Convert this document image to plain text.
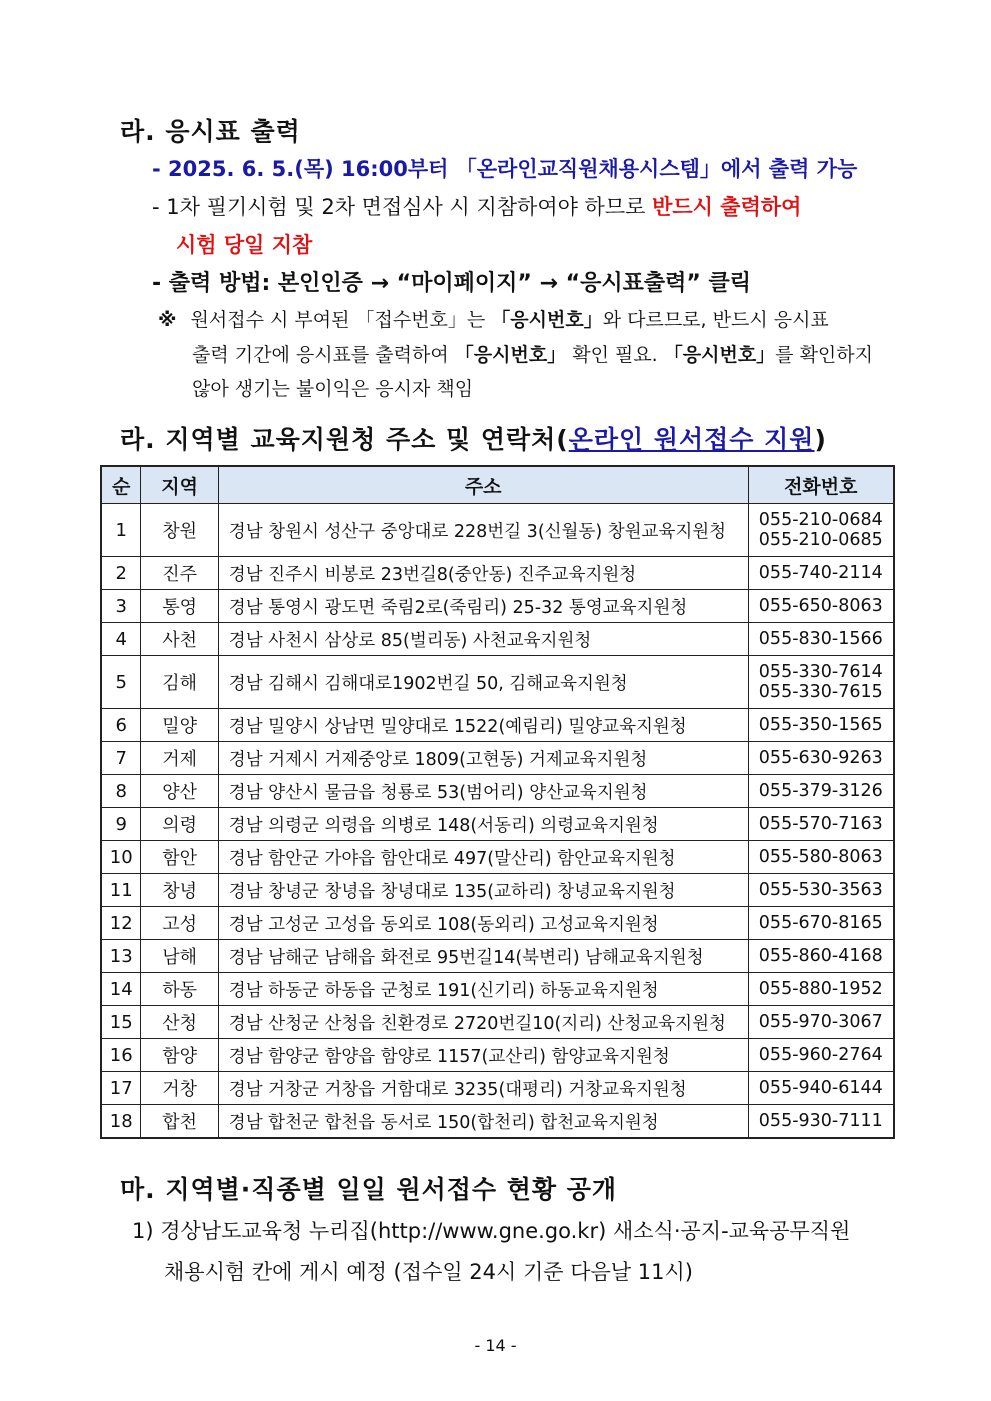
라. 응시표 출력
- 2025. 6. 5.(목) 16:00부터 「온라인교직원채용시스템」에서 출력 가능
- 1차 필기시험 및 2차 면접심사 시 지참하여야 하므로 반드시 출력하여
시험 당일 지참
- 출력 방법: 본인인증 → “마이페이지” → “응시표출력” 클릭
※ 원서접수 시 부여된 「접수번호」는 「응시번호」와 다르므로, 반드시 응시표
출력 기간에 응시표를 출력하여 「응시번호」 확인 필요. 「응시번호」를 확인하지
않아 생기는 불이익은 응시자 책임
라. 지역별 교육지원청 주소 및 연락처(온라인 원서접수 지원)
순	지역	주소	전화번호
1	창원	경남 창원시 성산구 중앙대로 228번길 3(신월동) 창원교육지원청	055-210-0684
055-210-0685
2	진주	경남 진주시 비봉로 23번길8(중안동) 진주교육지원청	055-740-2114
3	통영	경남 통영시 광도면 죽림2로(죽림리) 25-32 통영교육지원청	055-650-8063
4	사천	경남 사천시 삼상로 85(벌리동) 사천교육지원청	055-830-1566
5	김해	경남 김해시 김해대로1902번길 50, 김해교육지원청	055-330-7614
055-330-7615
6	밀양	경남 밀양시 상남면 밀양대로 1522(예림리) 밀양교육지원청	055-350-1565
7	거제	경남 거제시 거제중앙로 1809(고현동) 거제교육지원청	055-630-9263
8	양산	경남 양산시 물금읍 청룡로 53(범어리) 양산교육지원청	055-379-3126
9	의령	경남 의령군 의령읍 의병로 148(서동리) 의령교육지원청	055-570-7163
10	함안	경남 함안군 가야읍 함안대로 497(말산리) 함안교육지원청	055-580-8063
11	창녕	경남 창녕군 창녕읍 창녕대로 135(교하리) 창녕교육지원청	055-530-3563
12	고성	경남 고성군 고성읍 동외로 108(동외리) 고성교육지원청	055-670-8165
13	남해	경남 남해군 남해읍 화전로 95번길14(북변리) 남해교육지원청	055-860-4168
14	하동	경남 하동군 하동읍 군청로 191(신기리) 하동교육지원청	055-880-1952
15	산청	경남 산청군 산청읍 친환경로 2720번길10(지리) 산청교육지원청	055-970-3067
16	함양	경남 함양군 함양읍 함양로 1157(교산리) 함양교육지원청	055-960-2764
17	거창	경남 거창군 거창읍 거함대로 3235(대평리) 거창교육지원청	055-940-6144
18	합천	경남 합천군 합천읍 동서로 150(합천리) 합천교육지원청	055-930-7111
마. 지역별·직종별 일일 원서접수 현황 공개
1) 경상남도교육청 누리집(http://www.gne.go.kr) 새소식·공지-교육공무직원
채용시험 칸에 게시 예정 (접수일 24시 기준 다음날 11시)
- 14 -
